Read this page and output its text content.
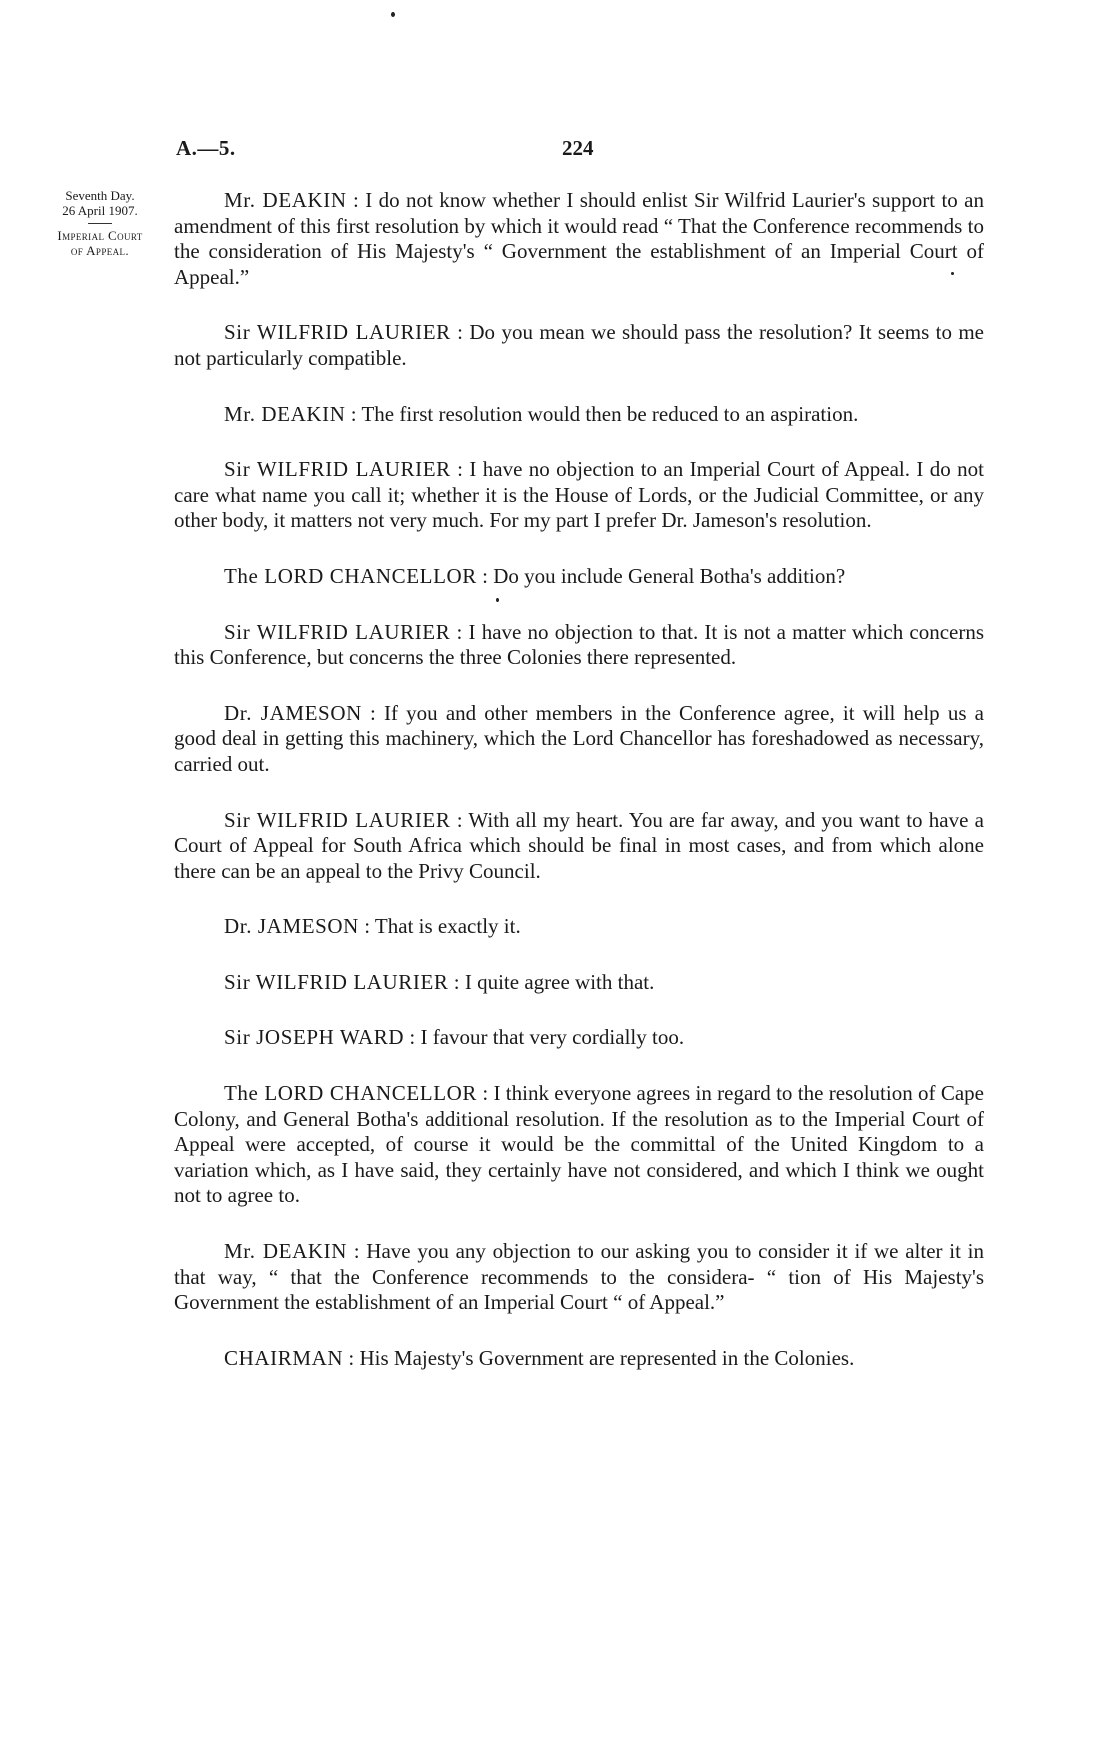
A.—5.	224
Seventh Day.
26 April 1907.
Imperial Court
of Appeal.

Mr. DEAKIN : I do not know whether I should enlist Sir Wilfrid Laurier's support to an amendment of this first resolution by which it would read “ That the Conference recommends to the consideration of His Majesty's “ Government the establishment of an Imperial Court of Appeal.”

Sir WILFRID LAURIER : Do you mean we should pass the resolution? It seems to me not particularly compatible.

Mr. DEAKIN : The first resolution would then be reduced to an aspiration.

Sir WILFRID LAURIER : I have no objection to an Imperial Court of Appeal. I do not care what name you call it; whether it is the House of Lords, or the Judicial Committee, or any other body, it matters not very much. For my part I prefer Dr. Jameson's resolution.

The LORD CHANCELLOR : Do you include General Botha's addition?

Sir WILFRID LAURIER : I have no objection to that. It is not a matter which concerns this Conference, but concerns the three Colonies there represented.

Dr. JAMESON : If you and other members in the Conference agree, it will help us a good deal in getting this machinery, which the Lord Chancellor has foreshadowed as necessary, carried out.

Sir WILFRID LAURIER : With all my heart. You are far away, and you want to have a Court of Appeal for South Africa which should be final in most cases, and from which alone there can be an appeal to the Privy Council.

Dr. JAMESON : That is exactly it.

Sir WILFRID LAURIER : I quite agree with that.

Sir JOSEPH WARD : I favour that very cordially too.

The LORD CHANCELLOR : I think everyone agrees in regard to the resolution of Cape Colony, and General Botha's additional resolution. If the resolution as to the Imperial Court of Appeal were accepted, of course it would be the committal of the United Kingdom to a variation which, as I have said, they certainly have not considered, and which I think we ought not to agree to.

Mr. DEAKIN : Have you any objection to our asking you to consider it if we alter it in that way, “ that the Conference recommends to the considera- “ tion of His Majesty's Government the establishment of an Imperial Court “ of Appeal.”

CHAIRMAN : His Majesty's Government are represented in the Colonies.
